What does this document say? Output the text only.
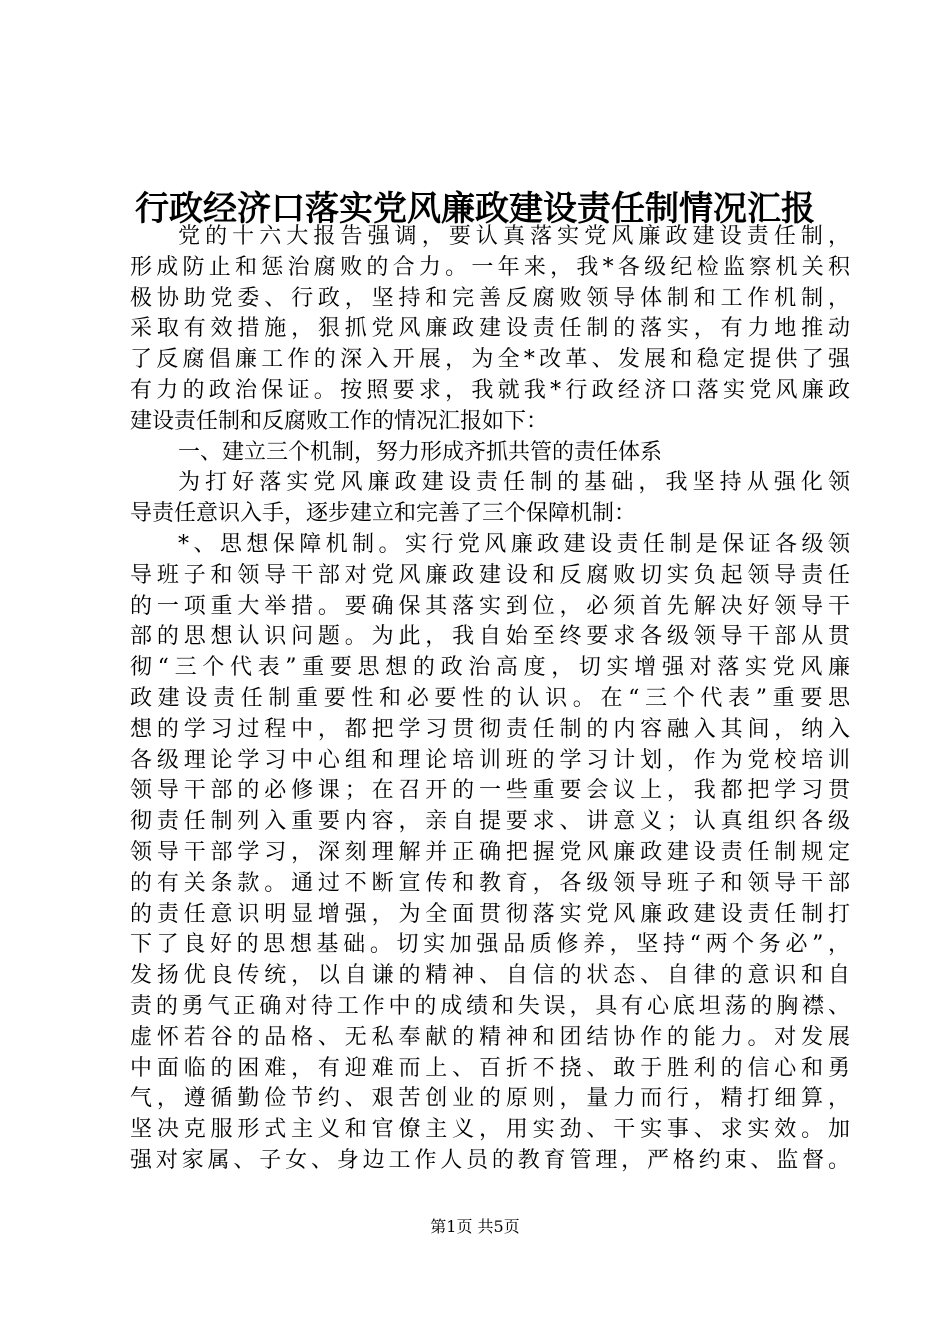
行政经济口落实党风廉政建设责任制情况汇报
党的十六大报告强调，要认真落实党风廉政建设责任制，
形成防止和惩治腐败的合力。一年来，我*各级纪检监察机关积
极协助党委、行政，坚持和完善反腐败领导体制和工作机制，
采取有效措施，狠抓党风廉政建设责任制的落实，有力地推动
了反腐倡廉工作的深入开展，为全*改革、发展和稳定提供了强
有力的政治保证。按照要求，我就我*行政经济口落实党风廉政
建设责任制和反腐败工作的情况汇报如下：
一、建立三个机制，努力形成齐抓共管的责任体系
为打好落实党风廉政建设责任制的基础，我坚持从强化领
导责任意识入手，逐步建立和完善了三个保障机制：
*、思想保障机制。实行党风廉政建设责任制是保证各级领
导班子和领导干部对党风廉政建设和反腐败切实负起领导责任
的一项重大举措。要确保其落实到位，必须首先解决好领导干
部的思想认识问题。为此，我自始至终要求各级领导干部从贯
彻“三个代表”重要思想的政治高度，切实增强对落实党风廉
政建设责任制重要性和必要性的认识。在“三个代表”重要思
想的学习过程中，都把学习贯彻责任制的内容融入其间，纳入
各级理论学习中心组和理论培训班的学习计划，作为党校培训
领导干部的必修课；在召开的一些重要会议上，我都把学习贯
彻责任制列入重要内容，亲自提要求、讲意义；认真组织各级
领导干部学习，深刻理解并正确把握党风廉政建设责任制规定
的有关条款。通过不断宣传和教育，各级领导班子和领导干部
的责任意识明显增强，为全面贯彻落实党风廉政建设责任制打
下了良好的思想基础。切实加强品质修养，坚持“两个务必”，
发扬优良传统，以自谦的精神、自信的状态、自律的意识和自
责的勇气正确对待工作中的成绩和失误，具有心底坦荡的胸襟、
虚怀若谷的品格、无私奉献的精神和团结协作的能力。对发展
中面临的困难，有迎难而上、百折不挠、敢于胜利的信心和勇
气，遵循勤俭节约、艰苦创业的原则，量力而行，精打细算，
坚决克服形式主义和官僚主义，用实劲、干实事、求实效。加
强对家属、子女、身边工作人员的教育管理，严格约束、监督。
第1页 共5页
